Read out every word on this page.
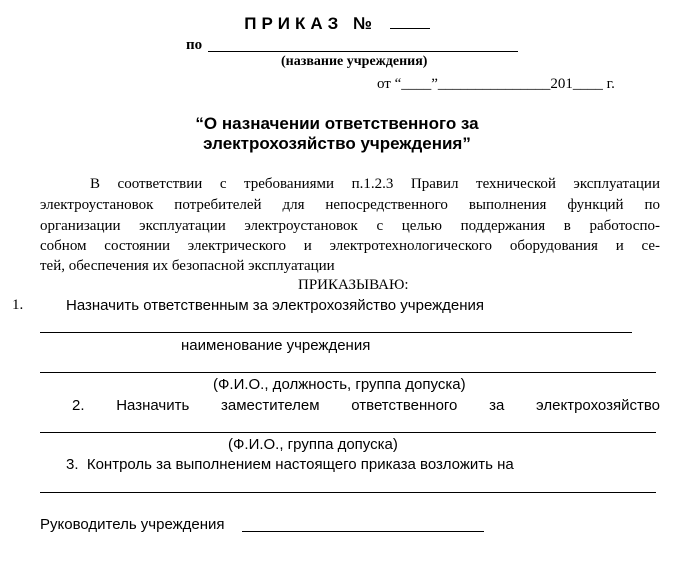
ПРИКАЗ №
по
(название учреждения)
от “____”_______________201____ г.
“О назначении ответственного за
электрохозяйство учреждения”
В соответствии с требованиями п.1.2.3 Правил технической эксплуатации
электроустановок потребителей для непосредственного выполнения функций по
организации эксплуатации электроустановок с целью поддержания в работоспо-
собном состоянии электрического и электротехнологического оборудования и се-
тей, обеспечения их безопасной эксплуатации
ПРИКАЗЫВАЮ:
1.	Назначить ответственным за электрохозяйство учреждения
наименование учреждения
(Ф.И.О., должность, группа допуска)
2. Назначить заместителем ответственного за электрохозяйство
(Ф.И.О., группа допуска)
3.  Контроль за выполнением настоящего приказа возложить на
Руководитель учреждения
